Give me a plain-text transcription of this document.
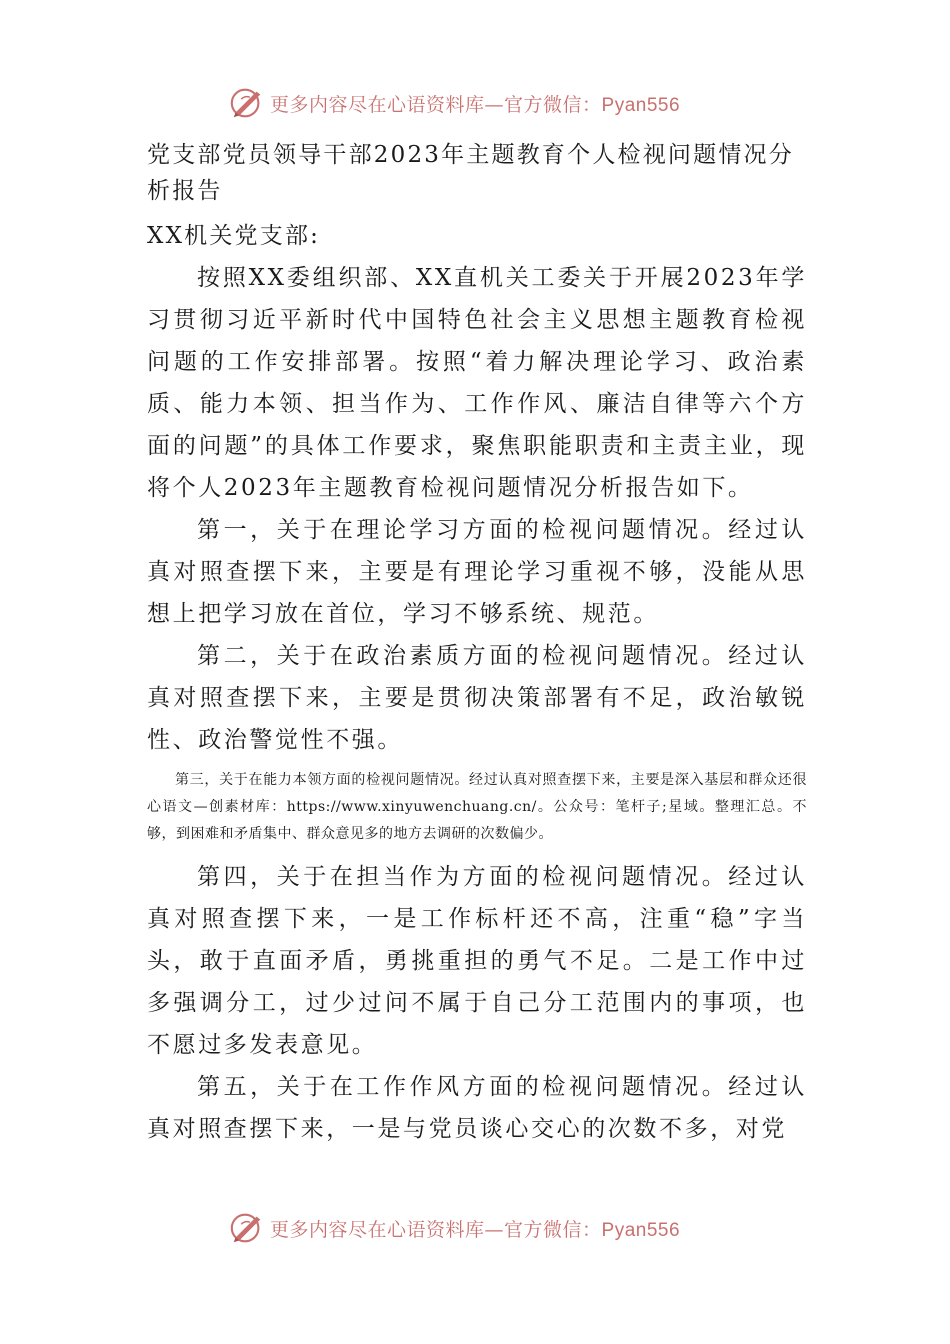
更多内容尽在心语资料库—官方微信：Pyan556
党支部党员领导干部2023年主题教育个人检视问题情况分析报告
XX机关党支部:

按照XX委组织部、XX直机关工委关于开展2023年学习贯彻习近平新时代中国特色社会主义思想主题教育检视问题的工作安排部署。按照“着力解决理论学习、政治素质、能力本领、担当作为、工作作风、廉洁自律等六个方面的问题”的具体工作要求，聚焦职能职责和主责主业，现将个人2023年主题教育检视问题情况分析报告如下。

第一，关于在理论学习方面的检视问题情况。经过认真对照查摆下来，主要是有理论学习重视不够，没能从思想上把学习放在首位，学习不够系统、规范。

第二，关于在政治素质方面的检视问题情况。经过认真对照查摆下来，主要是贯彻决策部署有不足，政治敏锐性、政治警觉性不强。

第三，关于在能力本领方面的检视问题情况。经过认真对照查摆下来，主要是深入基层和群众还很心语文—创素材库：https://www.xinyuwenchuang.cn/。公众号：笔杆子;星域。整理汇总。不够，到困难和矛盾集中、群众意见多的地方去调研的次数偏少。

第四，关于在担当作为方面的检视问题情况。经过认真对照查摆下来，一是工作标杆还不高，注重“稳”字当头，敢于直面矛盾，勇挑重担的勇气不足。二是工作中过多强调分工，过少过问不属于自己分工范围内的事项，也不愿过多发表意见。

第五，关于在工作作风方面的检视问题情况。经过认真对照查摆下来，一是与党员谈心交心的次数不多，对党

更多内容尽在心语资料库—官方微信：Pyan556
